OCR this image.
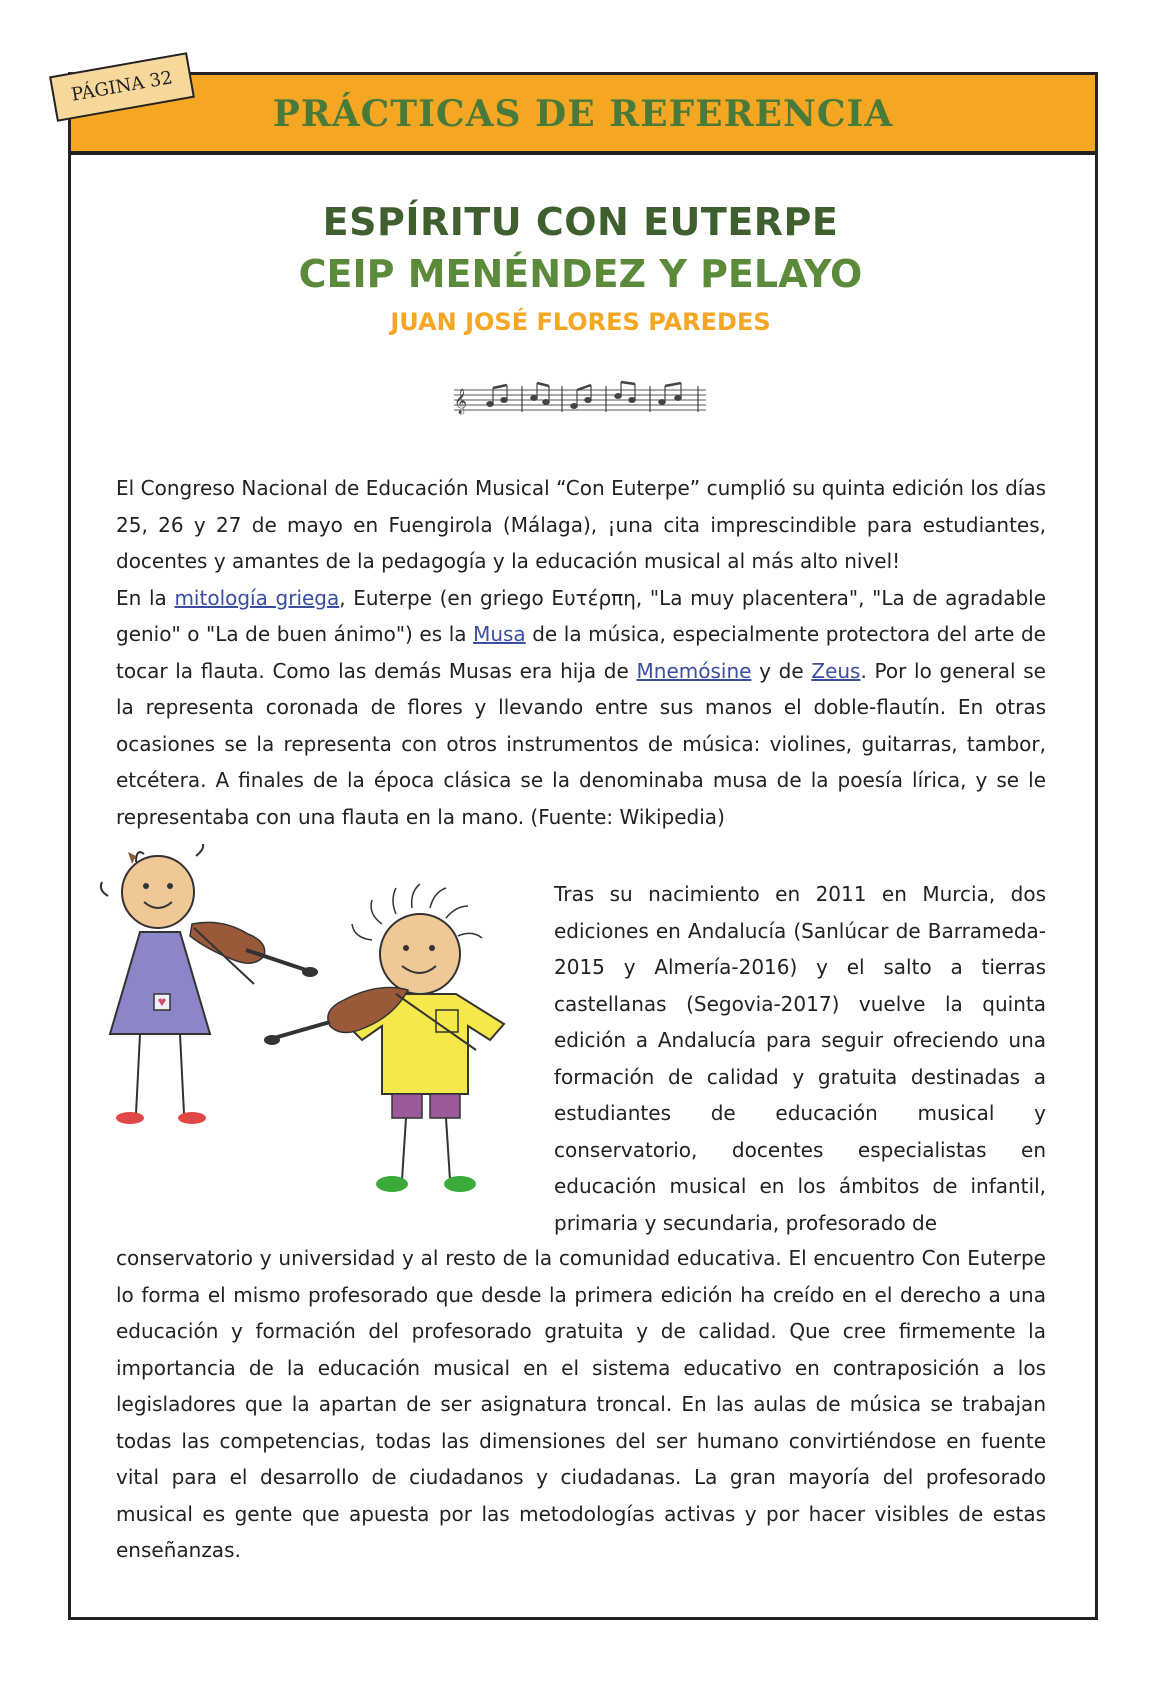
PRÁCTICAS DE REFERENCIA
PÁGINA 32
ESPÍRITU CON EUTERPE
CEIP MENÉNDEZ Y PELAYO
JUAN JOSÉ FLORES PAREDES
𝄞

El Congreso Nacional de Educación Musical “Con Euterpe” cumplió su quinta edición los días 25, 26 y 27 de mayo en Fuengirola (Málaga), ¡una cita imprescindible para estudiantes, docentes y amantes de la pedagogía y la educación musical al más alto nivel!
En la mitología griega, Euterpe (en griego Ευτέρπη, "La muy placentera", "La de agradable genio" o "La de buen ánimo") es la Musa de la música, especialmente protectora del arte de tocar la flauta. Como las demás Musas era hija de Mnemósine y de Zeus. Por lo general se la representa coronada de flores y llevando entre sus manos el doble-flautín. En otras ocasiones se la representa con otros instrumentos de música: violines, guitarras, tambor, etcétera. A finales de la época clásica se la denominaba musa de la poesía lírica, y se le representaba con una flauta en la mano. (Fuente: Wikipedia)

Tras su nacimiento en 2011 en Murcia, dos ediciones en Andalucía (Sanlúcar de Barrameda-2015 y Almería-2016) y el salto a tierras castellanas (Segovia-2017) vuelve la quinta edición a Andalucía para seguir ofreciendo una formación de calidad y gratuita destinadas a estudiantes de educación musical y conservatorio, docentes especialistas en educación musical en los ámbitos de infantil, primaria y secundaria, profesorado de

conservatorio y universidad y al resto de la comunidad educativa. El encuentro Con Euterpe lo forma el mismo profesorado que desde la primera edición ha creído en el derecho a una educación y formación del profesorado gratuita y de calidad. Que cree firmemente la importancia de la educación musical en el sistema educativo en contraposición a los legisladores que la apartan de ser asignatura troncal. En las aulas de música se trabajan todas las competencias, todas las dimensiones del ser humano convirtiéndose en fuente vital para el desarrollo de ciudadanos y ciudadanas. La gran mayoría del profesorado musical es gente que apuesta por las metodologías activas y por hacer visibles de estas enseñanzas.
